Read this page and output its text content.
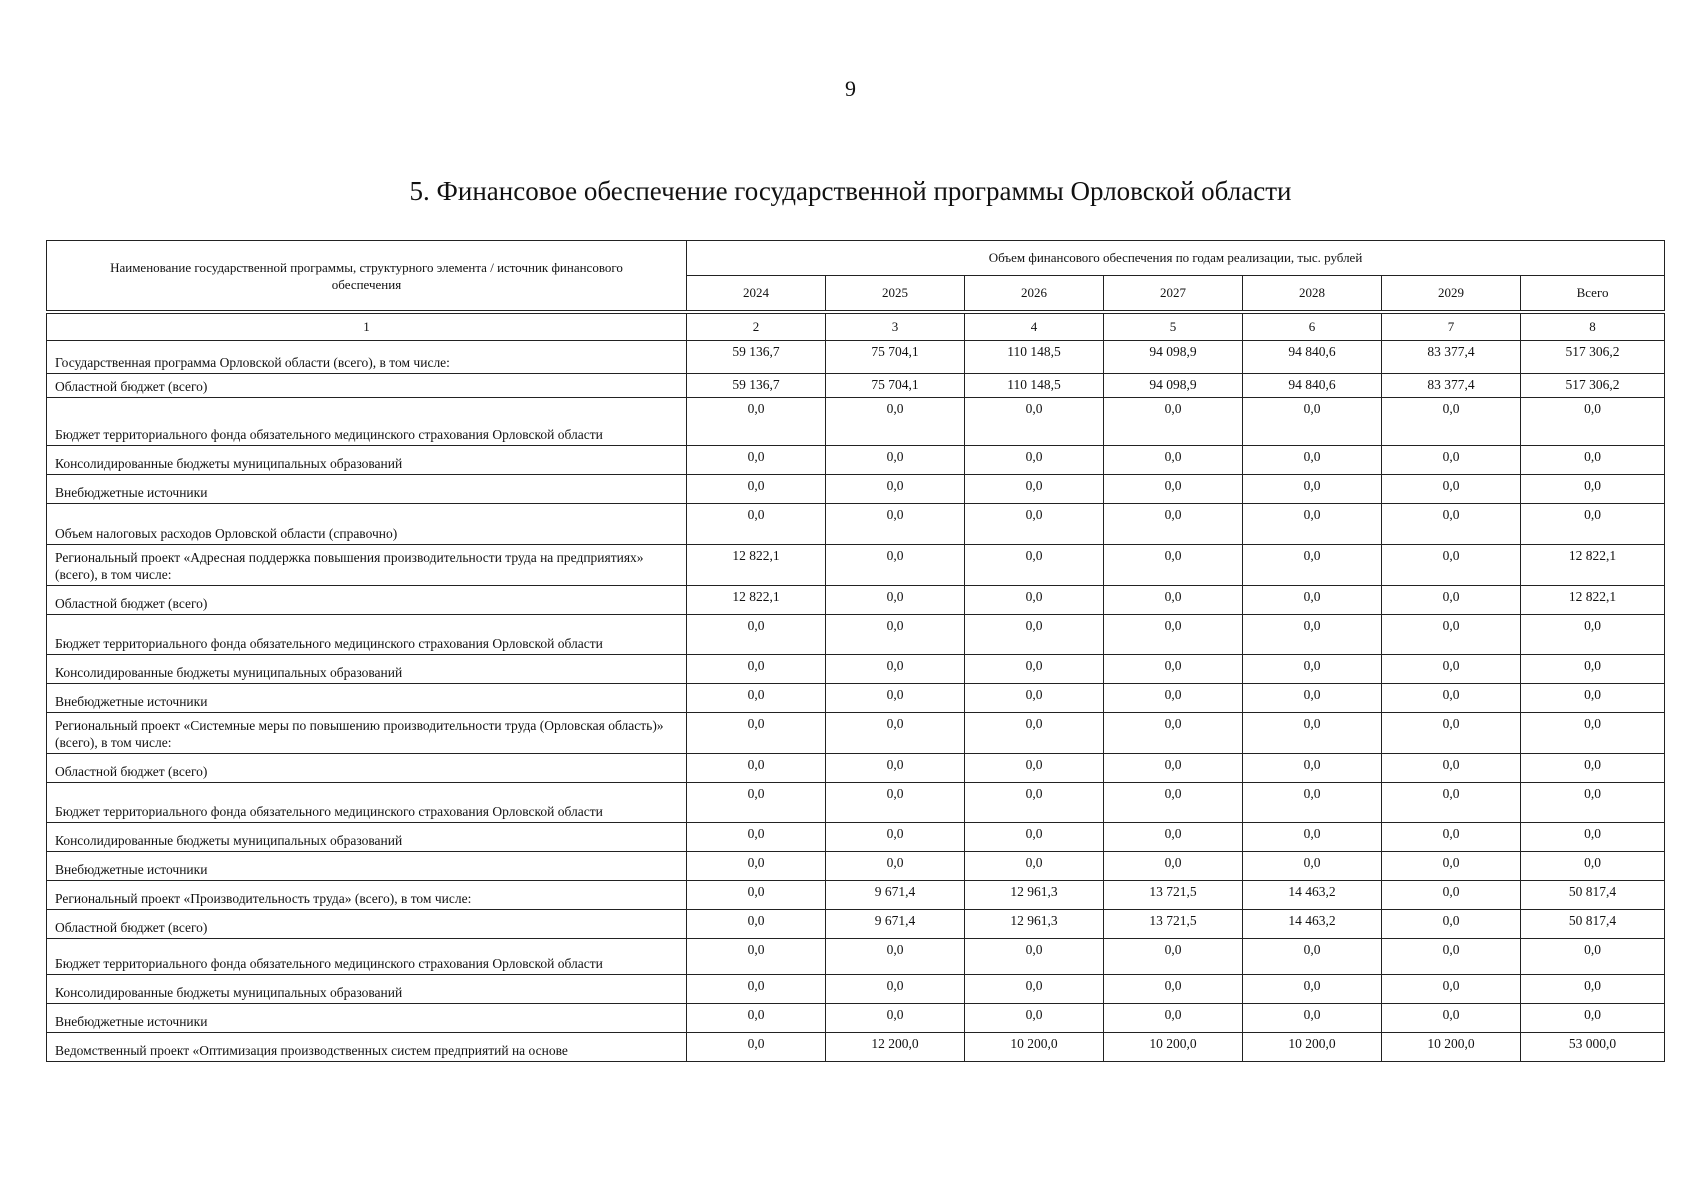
9
5. Финансовое обеспечение государственной программы Орловской области
Наименование государственной программы, структурного элемента / источник финансового обеспечения	Объем финансового обеспечения по годам реализации, тыс. рублей						
	2024	2025	2026	2027	2028	2029	Всего

1	2	3	4	5	6	7	8
Государственная программа Орловской области (всего), в том числе:	59 136,7	75 704,1	110 148,5	94 098,9	94 840,6	83 377,4	517 306,2
Областной бюджет (всего)	59 136,7	75 704,1	110 148,5	94 098,9	94 840,6	83 377,4	517 306,2
Бюджет территориального фонда обязательного медицинского страхования Орловской области	0,0	0,0	0,0	0,0	0,0	0,0	0,0
Консолидированные бюджеты муниципальных образований	0,0	0,0	0,0	0,0	0,0	0,0	0,0
Внебюджетные источники	0,0	0,0	0,0	0,0	0,0	0,0	0,0
Объем налоговых расходов Орловской области (справочно)	0,0	0,0	0,0	0,0	0,0	0,0	0,0
Региональный проект «Адресная поддержка повышения производительности труда на предприятиях» (всего), в том числе:	12 822,1	0,0	0,0	0,0	0,0	0,0	12 822,1
Областной бюджет (всего)	12 822,1	0,0	0,0	0,0	0,0	0,0	12 822,1
Бюджет территориального фонда обязательного медицинского страхования Орловской области	0,0	0,0	0,0	0,0	0,0	0,0	0,0
Консолидированные бюджеты муниципальных образований	0,0	0,0	0,0	0,0	0,0	0,0	0,0
Внебюджетные источники	0,0	0,0	0,0	0,0	0,0	0,0	0,0
Региональный проект «Системные меры по повышению производительности труда (Орловская область)» (всего), в том числе:	0,0	0,0	0,0	0,0	0,0	0,0	0,0
Областной бюджет (всего)	0,0	0,0	0,0	0,0	0,0	0,0	0,0
Бюджет территориального фонда обязательного медицинского страхования Орловской области	0,0	0,0	0,0	0,0	0,0	0,0	0,0
Консолидированные бюджеты муниципальных образований	0,0	0,0	0,0	0,0	0,0	0,0	0,0
Внебюджетные источники	0,0	0,0	0,0	0,0	0,0	0,0	0,0
Региональный проект «Производительность труда» (всего), в том числе:	0,0	9 671,4	12 961,3	13 721,5	14 463,2	0,0	50 817,4
Областной бюджет (всего)	0,0	9 671,4	12 961,3	13 721,5	14 463,2	0,0	50 817,4
Бюджет территориального фонда обязательного медицинского страхования Орловской области	0,0	0,0	0,0	0,0	0,0	0,0	0,0
Консолидированные бюджеты муниципальных образований	0,0	0,0	0,0	0,0	0,0	0,0	0,0
Внебюджетные источники	0,0	0,0	0,0	0,0	0,0	0,0	0,0
Ведомственный проект «Оптимизация производственных систем предприятий на основе	0,0	12 200,0	10 200,0	10 200,0	10 200,0	10 200,0	53 000,0
